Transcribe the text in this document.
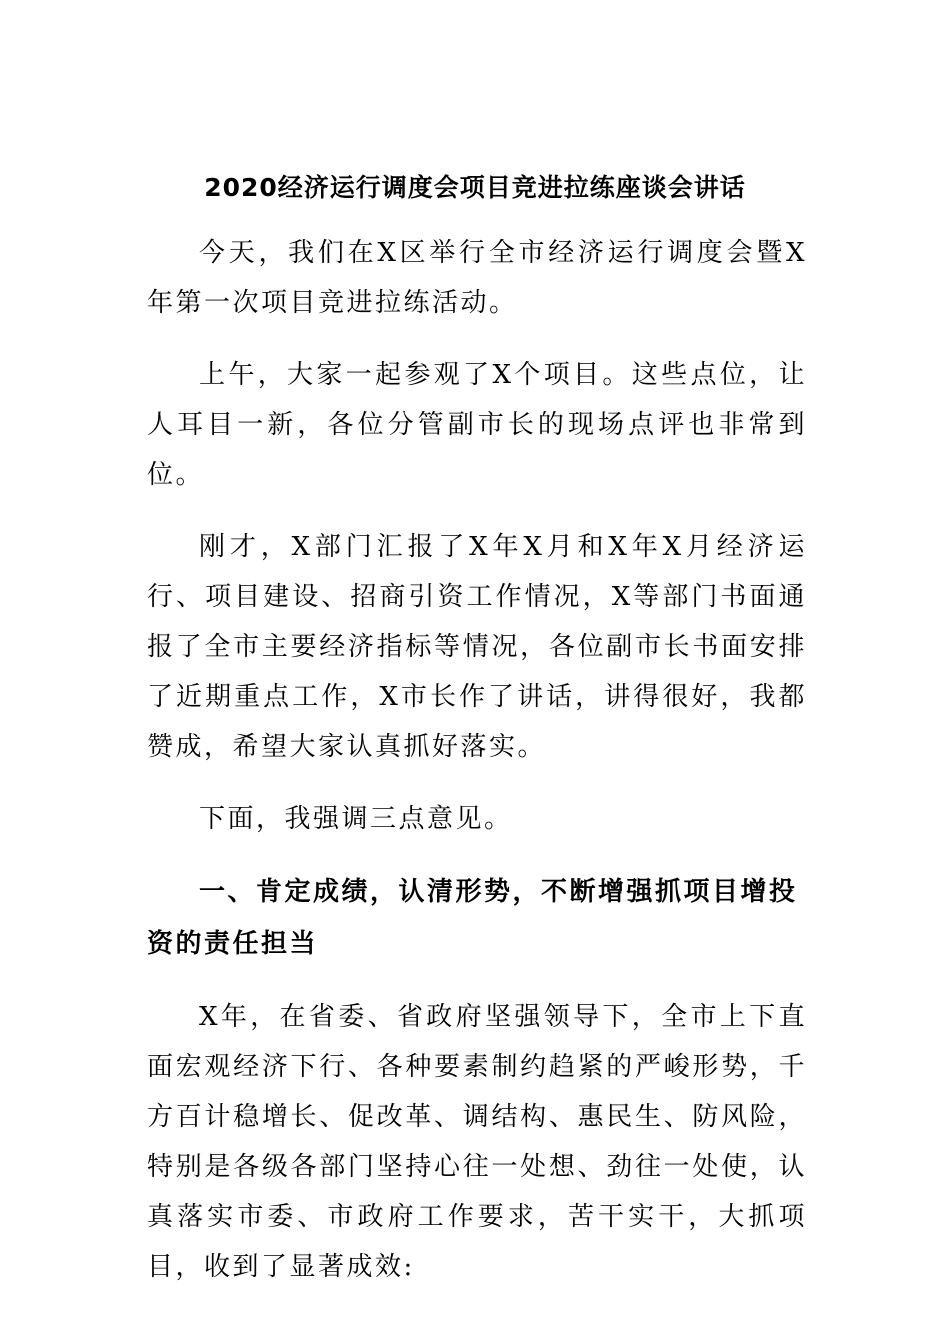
2020经济运行调度会项目竞进拉练座谈会讲话

今天，我们在X区举行全市经济运行调度会暨X年第一次项目竞进拉练活动。

上午，大家一起参观了X个项目。这些点位，让人耳目一新，各位分管副市长的现场点评也非常到位。

刚才，X部门汇报了X年X月和X年X月经济运行、项目建设、招商引资工作情况，X等部门书面通报了全市主要经济指标等情况，各位副市长书面安排了近期重点工作，X市长作了讲话，讲得很好，我都赞成，希望大家认真抓好落实。

下面，我强调三点意见。

一、肯定成绩，认清形势，不断增强抓项目增投资的责任担当

X年，在省委、省政府坚强领导下，全市上下直面宏观经济下行、各种要素制约趋紧的严峻形势，千方百计稳增长、促改革、调结构、惠民生、防风险，特别是各级各部门坚持心往一处想、劲往一处使，认真落实市委、市政府工作要求，苦干实干，大抓项目，收到了显著成效:
